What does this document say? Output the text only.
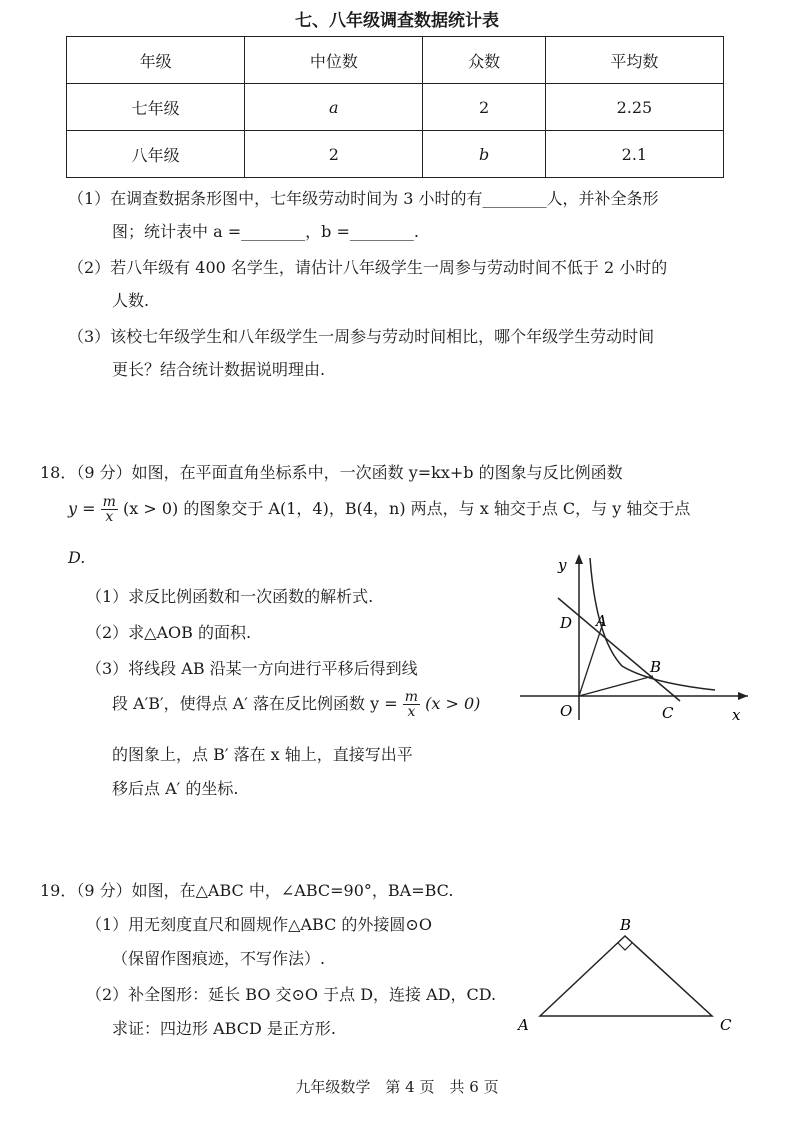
七、八年级调查数据统计表
年级	中位数	众数	平均数
七年级	a	2	2.25
八年级	2	b	2.1
（1）在调查数据条形图中，七年级劳动时间为 3 小时的有________人，并补全条形
图；统计表中 a =________，b =________.
（2）若八年级有 400 名学生，请估计八年级学生一周参与劳动时间不低于 2 小时的
人数.
（3）该校七年级学生和八年级学生一周参与劳动时间相比，哪个年级学生劳动时间
更长？结合统计数据说明理由.
18．（9 分）如图，在平面直角坐标系中，一次函数 y=kx+b 的图象与反比例函数
$y = \frac{m}{x} (x > 0)$ 的图象交于 A(1，4)，B(4，n) 两点，与 x 轴交于点 C，与 y 轴交于点
D.
（1）求反比例函数和一次函数的解析式.
（2）求△AOB 的面积.
（3）将线段 AB 沿某一方向进行平移后得到线
段 A′B′，使得点 A′ 落在反比例函数 $y = \frac{m}{x} (x > 0)$
的图象上，点 B′ 落在 x 轴上，直接写出平
移后点 A′ 的坐标.
y
x
O
A
B
C
D
19．（9 分）如图，在△ABC 中，∠ABC=90°，BA=BC.
（1）用无刻度直尺和圆规作△ABC 的外接圆⊙O
（保留作图痕迹，不写作法）.
（2）补全图形：延长 BO 交⊙O 于点 D，连接 AD，CD.
求证：四边形 ABCD 是正方形.
B
A	C
九年级数学　第 4 页　共 6 页
